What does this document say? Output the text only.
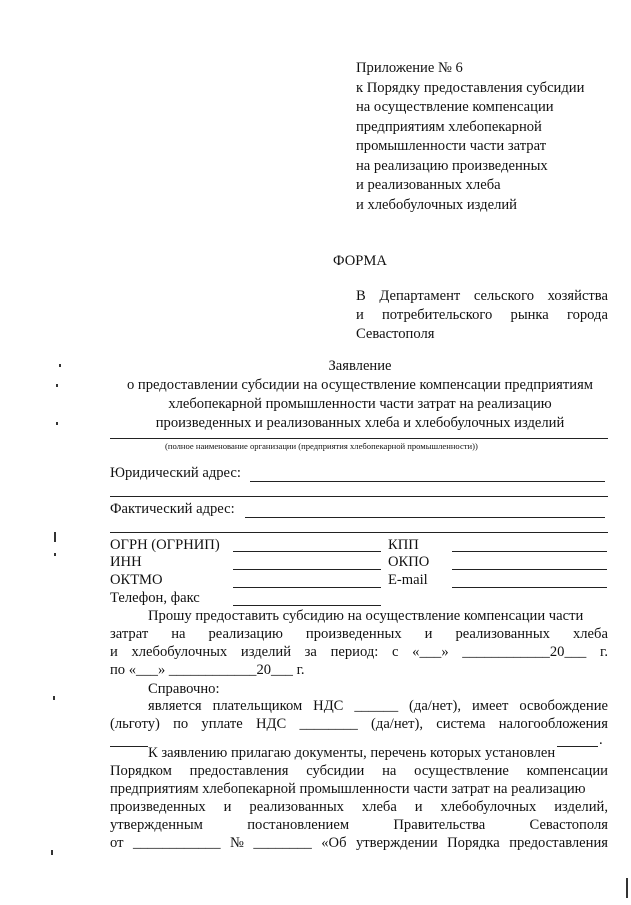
Приложение № 6
к Порядку предоставления субсидии
на осуществление компенсации
предприятиям хлебопекарной
промышленности части затрат
на реализацию произведенных
и реализованных хлеба
и хлебобулочных изделий
ФОРМА
В Департамент сельского хозяйства
и потребительского рынка города
Севастополя
Заявление
о предоставлении субсидии на осуществление компенсации предприятиям
хлебопекарной промышленности части затрат на реализацию
произведенных и реализованных хлеба и хлебобулочных изделий
(полное наименование организации (предприятия хлебопекарной промышленности))
Юридический адрес:
Фактический адрес:
ОГРН (ОГРНИП)	КПП
ИНН	ОКПО
ОКТМО	E-mail
Телефон, факс
Прошу предоставить субсидию на осуществление компенсации части
затрат на реализацию произведенных и реализованных хлеба
и хлебобулочных изделий за период: с «___» ____________20___ г.
по «___» ____________20___ г.
Справочно:
является плательщиком НДС ______ (да/нет), имеет освобождение
(льготу) по уплате НДС ________ (да/нет), система налогообложения
.
К заявлению прилагаю документы, перечень которых установлен
Порядком предоставления субсидии на осуществление компенсации
предприятиям хлебопекарной промышленности части затрат на реализацию
произведенных и реализованных хлеба и хлебобулочных изделий,
утвержденным	постановлением	Правительства	Севастополя
от ____________ № ________ «Об утверждении Порядка предоставления
